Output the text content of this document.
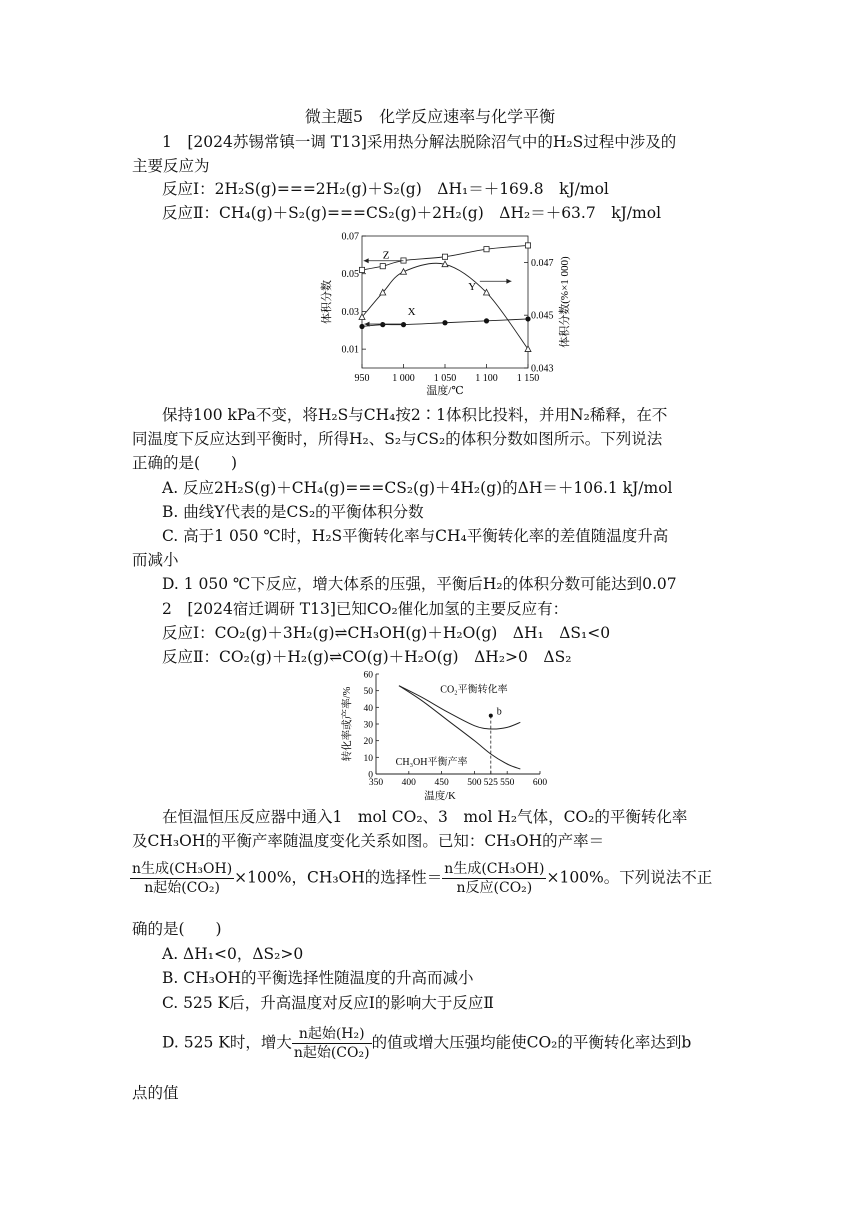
微主题5　化学反应速率与化学平衡
1　[2024苏锡常镇一调 T13]采用热分解法脱除沼气中的H₂S过程中涉及的
主要反应为
反应Ⅰ：2H₂S(g)===2H₂(g)＋S₂(g)　ΔH₁＝＋169.8　kJ/mol
反应Ⅱ：CH₄(g)＋S₂(g)===CS₂(g)＋2H₂(g)　ΔH₂＝＋63.7　kJ/mol
950 1 000 1 050 1 100 1 150
0.01
0.03
0.05
0.07
0.043
0.045
0.047
温度/℃
体积分数	体积分数(%×1 000)
Z
Y
X
保持100 kPa不变，将H₂S与CH₄按2∶1体积比投料，并用N₂稀释，在不
同温度下反应达到平衡时，所得H₂、S₂与CS₂的体积分数如图所示。下列说法
正确的是(　　)
A. 反应2H₂S(g)＋CH₄(g)===CS₂(g)＋4H₂(g)的ΔH＝＋106.1 kJ/mol
B. 曲线Y代表的是CS₂的平衡体积分数
C. 高于1 050 ℃时，H₂S平衡转化率与CH₄平衡转化率的差值随温度升高
而减小
D. 1 050 ℃下反应，增大体系的压强，平衡后H₂的体积分数可能达到0.07
2　[2024宿迁调研 T13]已知CO₂催化加氢的主要反应有：
反应Ⅰ：CO₂(g)＋3H₂(g)⇌CH₃OH(g)＋H₂O(g)　ΔH₁　ΔS₁<0
反应Ⅱ：CO₂(g)＋H₂(g)⇌CO(g)＋H₂O(g)　ΔH₂>0　ΔS₂
350 400 450 500 525 550 600
0
10
20
30
40
50
60
温度/K
转化率或产率/%	CO₂平衡转化率
CH₃OH平衡产率
b
在恒温恒压反应器中通入1　mol CO₂、3　mol H₂气体，CO₂的平衡转化率
及CH₃OH的平衡产率随温度变化关系如图。已知：CH₃OH的产率＝
$\frac{\text{n生成(CH₃OH)}}{\text{n起始(CO₂)}} \times 100\%$，CH₃OH的选择性＝ $\frac{\text{n生成(CH₃OH)}}{\text{n反应(CO₂)}} \times 100\%$。下列说法不正
确的是(　　)
A. ΔH₁<0，ΔS₂>0
B. CH₃OH的平衡选择性随温度的升高而减小
C. 525 K后，升高温度对反应Ⅰ的影响大于反应Ⅱ
D. 525 K时，增大 $\frac{\text{n起始(H₂)}}{\text{n起始(CO₂)}}$ 的值或增大压强均能使CO₂的平衡转化率达到b
点的值
